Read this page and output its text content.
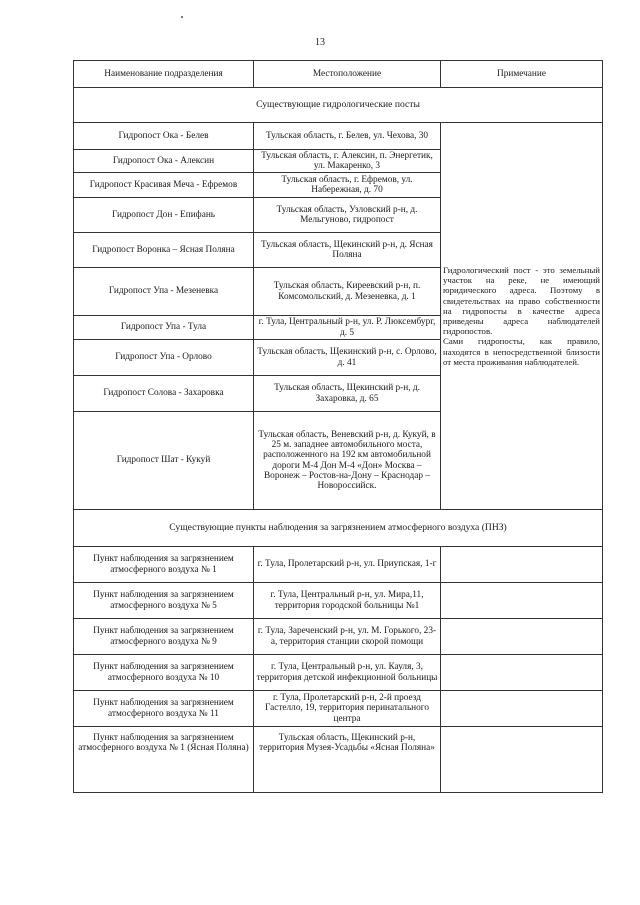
13
Наименование подразделения	Местоположение	Примечание
Существующие гидрологические посты		
Гидропост Ока - Белев	Тульская область, г. Белев, ул. Чехова, 30	Гидрологический пост - это земельный участок на реке, не имеющий юридического адреса. Поэтому в свидетельствах на право собственности на гидропосты в качестве адреса приведены адреса наблюдателей гидропостов.
Сами гидропосты, как правило, находятся в непосредственной близости от места проживания наблюдателей.

Гидропост Ока - Алексин	Тульская область, г. Алексин, п. Энергетик, ул. Макаренко, 3	
Гидропост Красивая Меча - Ефремов	Тульская область, г. Ефремов, ул. Набережная, д. 70	
Гидропост Дон - Епифань	Тульская область, Узловский р-н, д. Мельгуново, гидропост	
Гидропост Воронка – Ясная Поляна	Тульская область, Щекинский р-н, д. Ясная Поляна	
Гидропост Упа - Мезеневка	Тульская область, Киреевский р-н, п. Комсомольский, д. Мезеневка, д. 1	
Гидропост Упа - Тула	г. Тула, Центральный р-н, ул. Р. Люксембург, д. 5	
Гидропост Упа - Орлово	Тульская область, Щекинский р-н, с. Орлово, д. 41	
Гидропост Солова - Захаровка	Тульская область, Щекинский р-н, д. Захаровка, д. 65	
Гидропост Шат - Кукуй	Тульская область, Веневский р-н, д. Кукуй, в 25 м. западнее автомобильного моста, расположенного на 192 км автомобильной дороги М-4 Дон М-4 «Дон» Москва – Воронеж – Ростов-на-Дону – Краснодар – Новороссийск.	
Существующие пункты наблюдения за загрязнением атмосферного воздуха (ПНЗ)		
Пункт наблюдения за загрязнением атмосферного воздуха № 1	г. Тула, Пролетарский р-н, ул. Приупская, 1-г	
Пункт наблюдения за загрязнением атмосферного воздуха № 5	г. Тула, Центральный р-н, ул. Мира,11, территория городской больницы №1	
Пункт наблюдения за загрязнением атмосферного воздуха № 9	г. Тула, Зареченский р-н, ул. М. Горького, 23-а, территория станции скорой помощи	
Пункт наблюдения за загрязнением атмосферного воздуха № 10	г. Тула, Центральный р-н, ул. Кауля, 3, территория детской инфекционной больницы	
Пункт наблюдения за загрязнением атмосферного воздуха № 11	г. Тула, Пролетарский р-н, 2-й проезд Гастелло, 19, территория перинатального центра	
Пункт наблюдения за загрязнением атмосферного воздуха № 1 (Ясная Поляна)	Тульская область, Щекинский р-н, территория Музея-Усадьбы «Ясная Поляна»	
